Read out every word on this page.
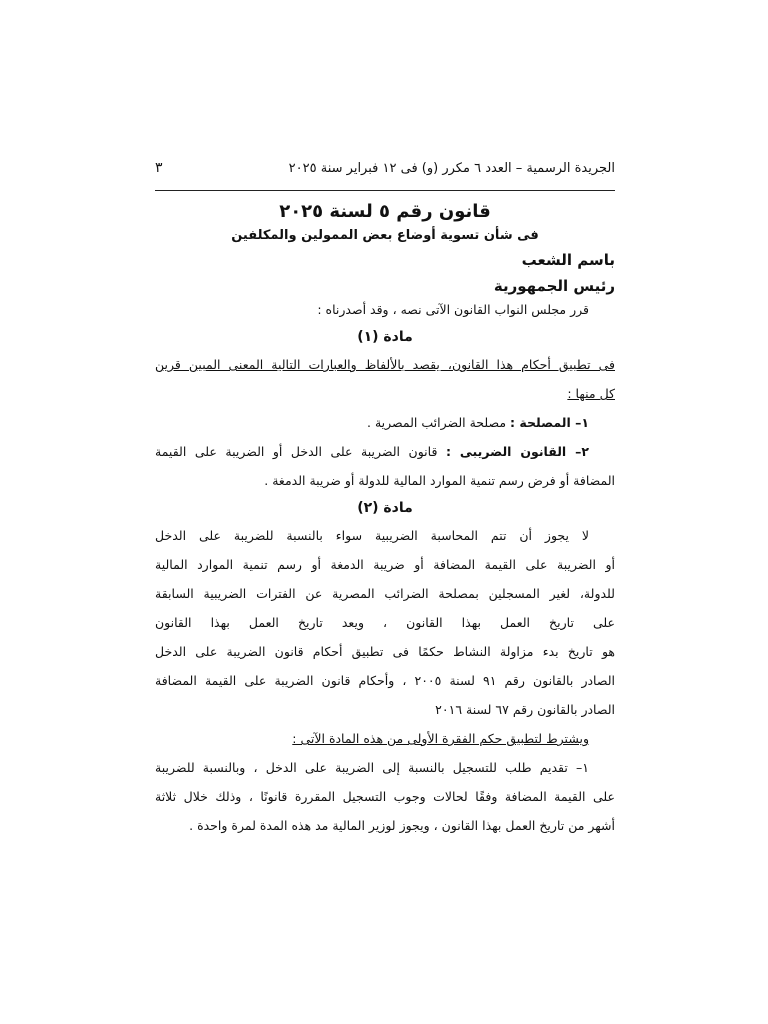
الجريدة الرسمية – العدد ٦ مكرر (و) فى ١٢ فبراير سنة ٢٠٢٥
٣
قانون رقم ٥ لسنة ٢٠٢٥
فى شأن تسوية أوضاع بعض الممولين والمكلفين
باسم الشعب
رئيس الجمهورية
قرر مجلس النواب القانون الآتى نصه ، وقد أصدرناه :
مادة (١)
فى تطبيق أحكام هذا القانون، يقصد بالألفاظ والعبارات التالية المعنى المبين قرين
كل منها :
١– المصلحة : مصلحة الضرائب المصرية .
٢– القانون الضريبى : قانون الضريبة على الدخل أو الضريبة على القيمة
المضافة أو فرض رسم تنمية الموارد المالية للدولة أو ضريبة الدمغة .
مادة (٢)
لا يجوز أن تتم المحاسبة الضريبية سواء بالنسبة للضريبة على الدخل
أو الضريبة على القيمة المضافة أو ضريبة الدمغة أو رسم تنمية الموارد المالية
للدولة، لغير المسجلين بمصلحة الضرائب المصرية عن الفترات الضريبية السابقة
على تاريخ العمل بهذا القانون ، ويعد تاريخ العمل بهذا القانون
هو تاريخ بدء مزاولة النشاط حكمًا فى تطبيق أحكام قانون الضريبة على الدخل
الصادر بالقانون رقم ٩١ لسنة ٢٠٠٥ ، وأحكام قانون الضريبة على القيمة المضافة
الصادر بالقانون رقم ٦٧ لسنة ٢٠١٦
ويشترط لتطبيق حكم الفقرة الأولى من هذه المادة الآتى :
١– تقديم طلب للتسجيل بالنسبة إلى الضريبة على الدخل ، وبالنسبة للضريبة
على القيمة المضافة وفقًا لحالات وجوب التسجيل المقررة قانونًا ، وذلك خلال ثلاثة
أشهر من تاريخ العمل بهذا القانون ، ويجوز لوزير المالية مد هذه المدة لمرة واحدة .
